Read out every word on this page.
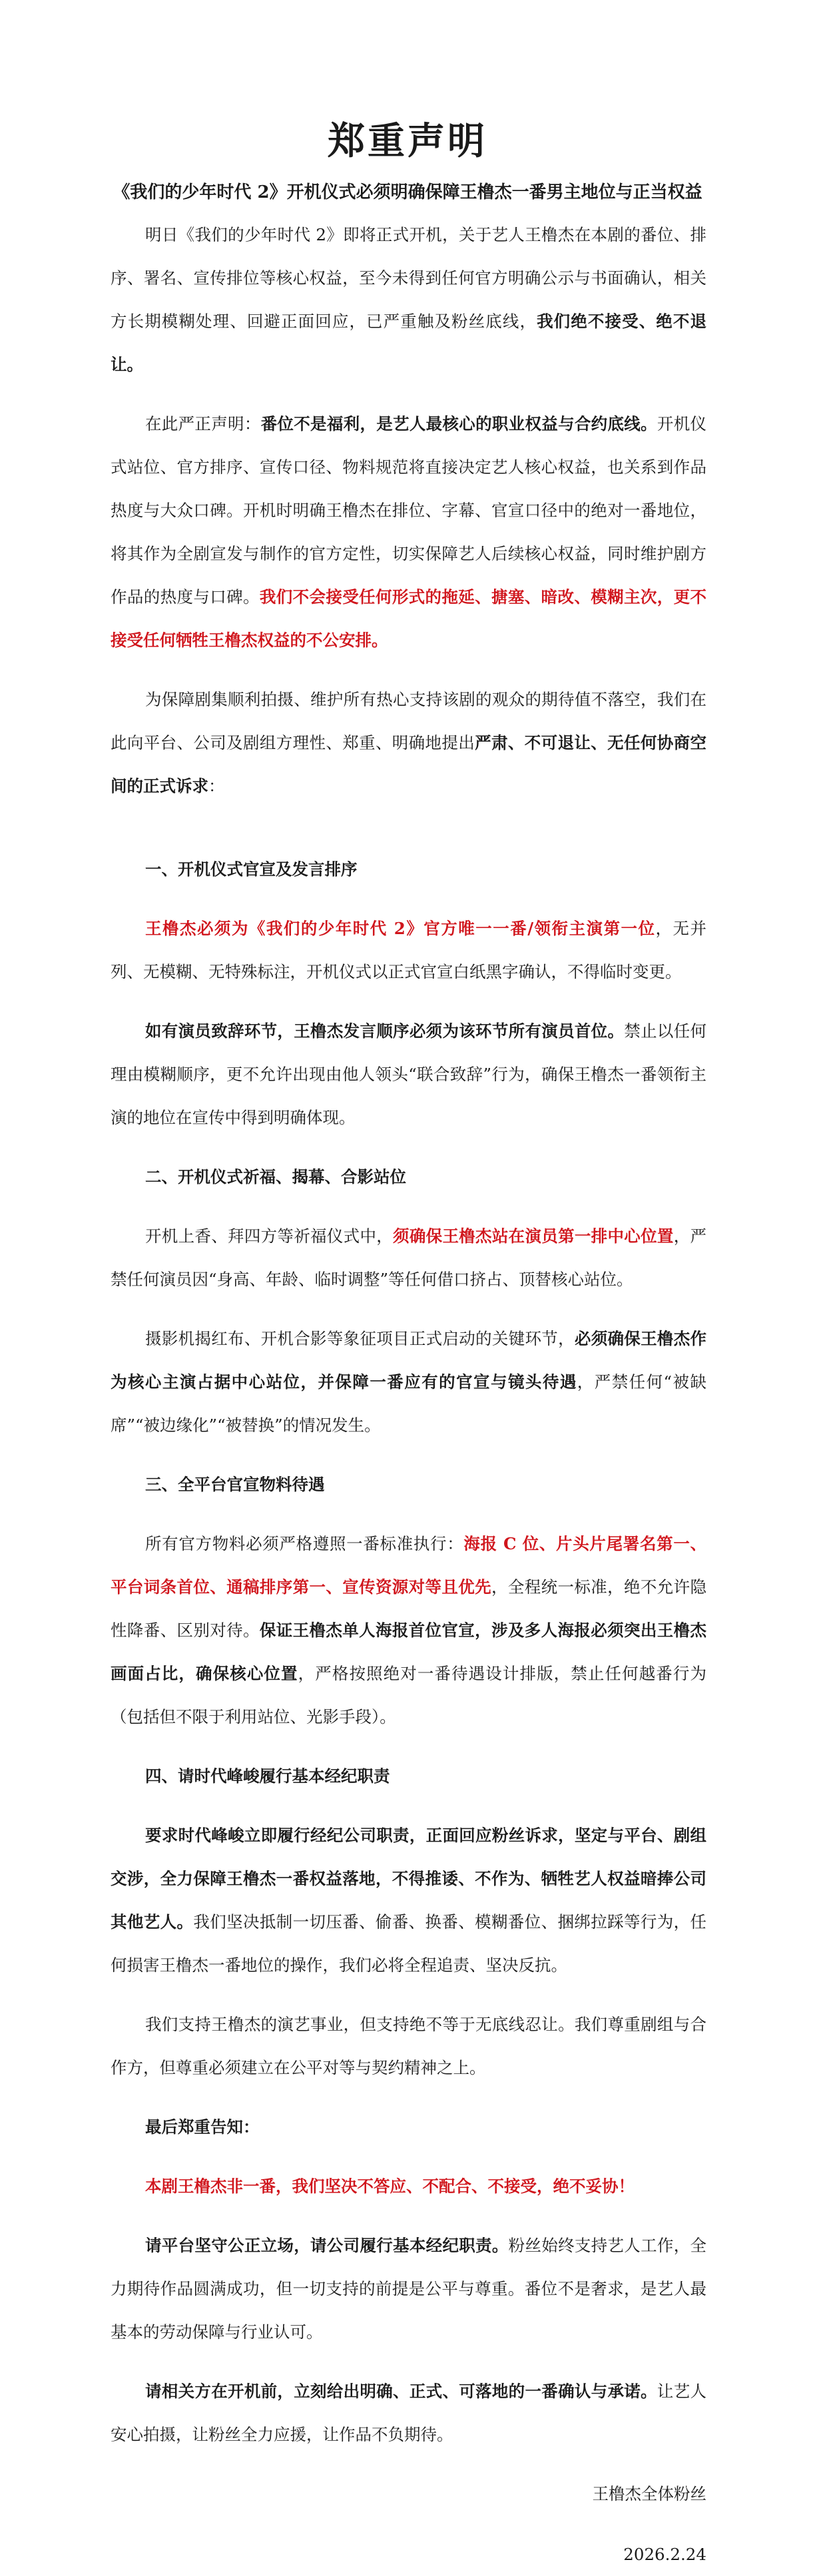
郑重声明
《我们的少年时代 2》开机仪式必须明确保障王橹杰一番男主地位与正当权益

明日《我们的少年时代 2》即将正式开机，关于艺人王橹杰在本剧的番位、排序、署名、宣传排位等核心权益，至今未得到任何官方明确公示与书面确认，相关方长期模糊处理、回避正面回应，已严重触及粉丝底线，我们绝不接受、绝不退让。

在此严正声明：番位不是福利，是艺人最核心的职业权益与合约底线。开机仪式站位、官方排序、宣传口径、物料规范将直接决定艺人核心权益，也关系到作品热度与大众口碑。开机时明确王橹杰在排位、字幕、官宣口径中的绝对一番地位，将其作为全剧宣发与制作的官方定性，切实保障艺人后续核心权益，同时维护剧方作品的热度与口碑。我们不会接受任何形式的拖延、搪塞、暗改、模糊主次，更不接受任何牺牲王橹杰权益的不公安排。

为保障剧集顺利拍摄、维护所有热心支持该剧的观众的期待值不落空，我们在此向平台、公司及剧组方理性、郑重、明确地提出严肃、不可退让、无任何协商空间的正式诉求：

一、开机仪式官宣及发言排序

王橹杰必须为《我们的少年时代 2》官方唯一一番/领衔主演第一位，无并列、无模糊、无特殊标注，开机仪式以正式官宣白纸黑字确认，不得临时变更。

如有演员致辞环节，王橹杰发言顺序必须为该环节所有演员首位。禁止以任何理由模糊顺序，更不允许出现由他人领头“联合致辞”行为，确保王橹杰一番领衔主演的地位在宣传中得到明确体现。

二、开机仪式祈福、揭幕、合影站位

开机上香、拜四方等祈福仪式中，须确保王橹杰站在演员第一排中心位置，严禁任何演员因“身高、年龄、临时调整”等任何借口挤占、顶替核心站位。

摄影机揭红布、开机合影等象征项目正式启动的关键环节，必须确保王橹杰作为核心主演占据中心站位，并保障一番应有的官宣与镜头待遇，严禁任何“被缺席”“被边缘化”“被替换”的情况发生。

三、全平台官宣物料待遇

所有官方物料必须严格遵照一番标准执行：海报 C 位、片头片尾署名第一、平台词条首位、通稿排序第一、宣传资源对等且优先，全程统一标准，绝不允许隐性降番、区别对待。保证王橹杰单人海报首位官宣，涉及多人海报必须突出王橹杰画面占比，确保核心位置，严格按照绝对一番待遇设计排版，禁止任何越番行为（包括但不限于利用站位、光影手段）。

四、请时代峰峻履行基本经纪职责

要求时代峰峻立即履行经纪公司职责，正面回应粉丝诉求，坚定与平台、剧组交涉，全力保障王橹杰一番权益落地，不得推诿、不作为、牺牲艺人权益暗捧公司其他艺人。我们坚决抵制一切压番、偷番、换番、模糊番位、捆绑拉踩等行为，任何损害王橹杰一番地位的操作，我们必将全程追责、坚决反抗。

我们支持王橹杰的演艺事业，但支持绝不等于无底线忍让。我们尊重剧组与合作方，但尊重必须建立在公平对等与契约精神之上。

最后郑重告知：

本剧王橹杰非一番，我们坚决不答应、不配合、不接受，绝不妥协！

请平台坚守公正立场，请公司履行基本经纪职责。粉丝始终支持艺人工作，全力期待作品圆满成功，但一切支持的前提是公平与尊重。番位不是奢求，是艺人最基本的劳动保障与行业认可。

请相关方在开机前，立刻给出明确、正式、可落地的一番确认与承诺。让艺人安心拍摄，让粉丝全力应援，让作品不负期待。

王橹杰全体粉丝
2026.2.24
